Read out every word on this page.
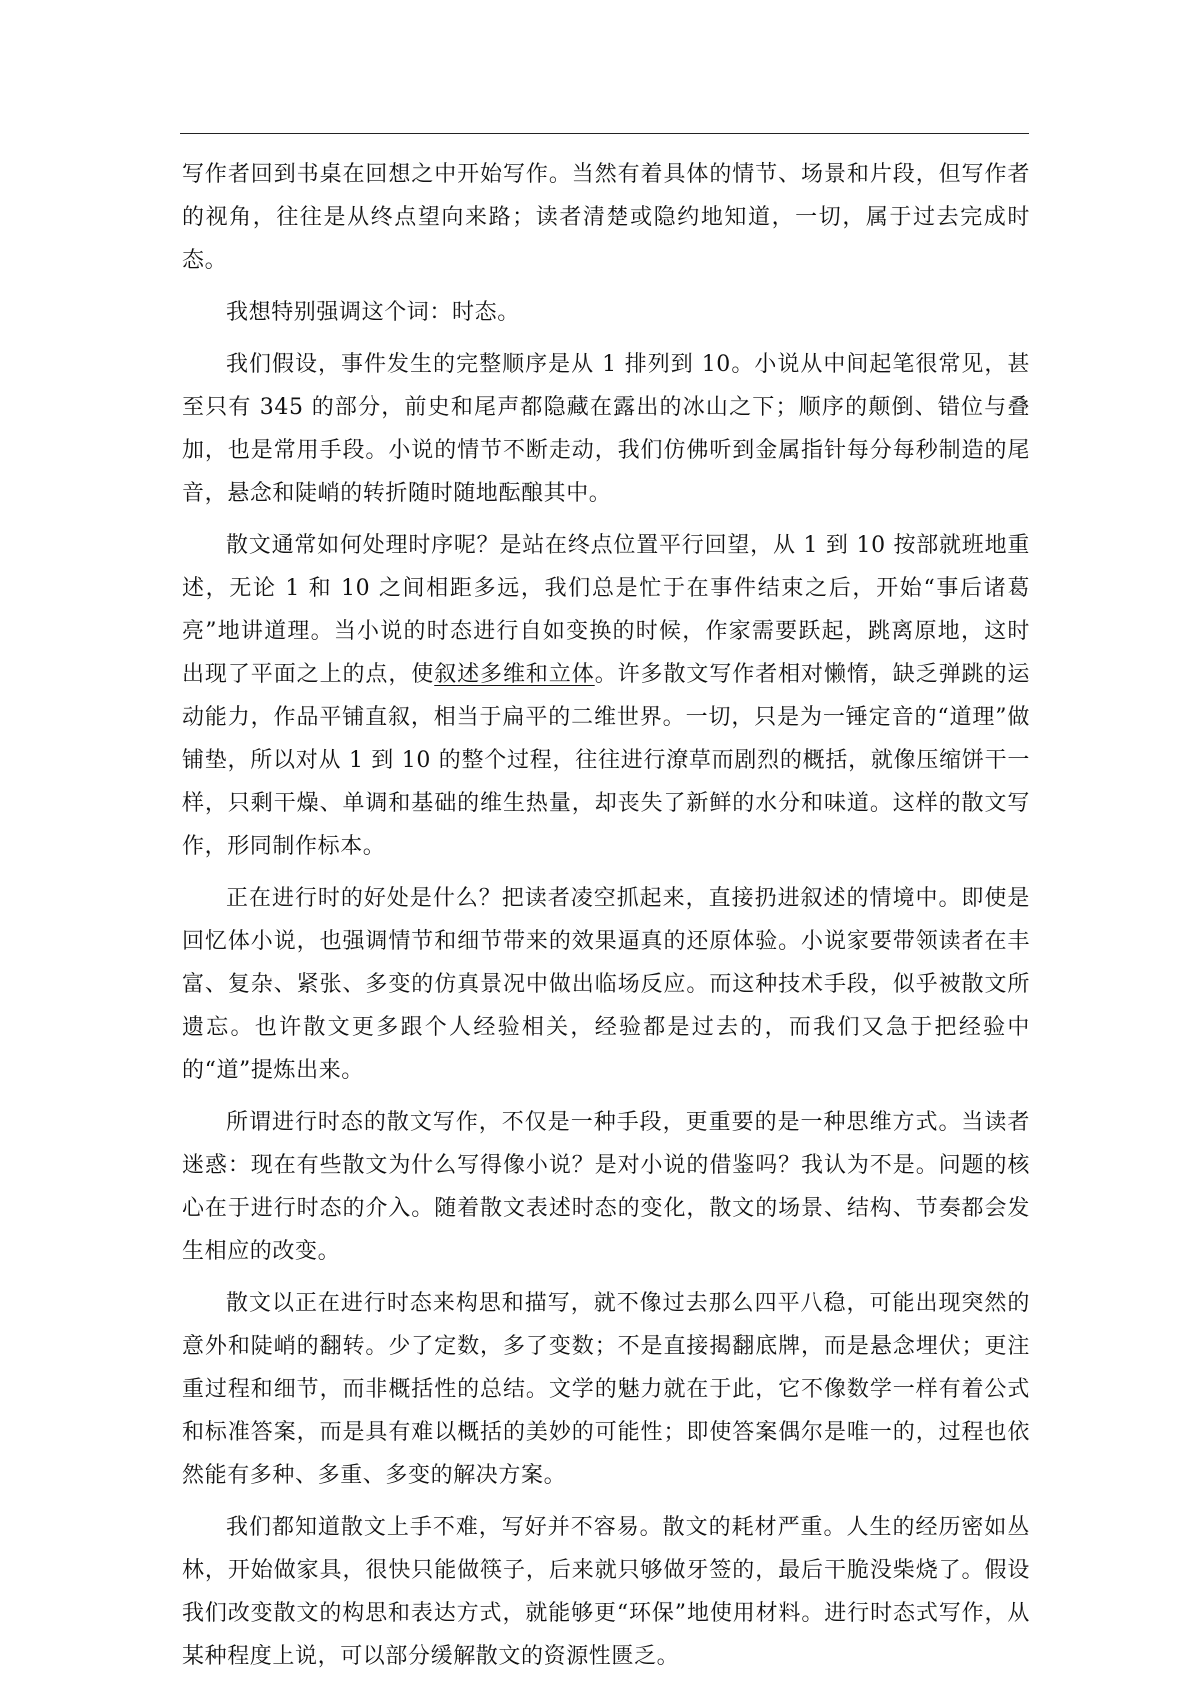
写作者回到书桌在回想之中开始写作。当然有着具体的情节、场景和片段，但写作者的视角，往往是从终点望向来路；读者清楚或隐约地知道，一切，属于过去完成时态。

我想特别强调这个词：时态。

我们假设，事件发生的完整顺序是从 1 排列到 10。小说从中间起笔很常见，甚至只有 345 的部分，前史和尾声都隐藏在露出的冰山之下；顺序的颠倒、错位与叠加，也是常用手段。小说的情节不断走动，我们仿佛听到金属指针每分每秒制造的尾音，悬念和陡峭的转折随时随地酝酿其中。

散文通常如何处理时序呢？是站在终点位置平行回望，从 1 到 10 按部就班地重述，无论 1 和 10 之间相距多远，我们总是忙于在事件结束之后，开始“事后诸葛亮”地讲道理。当小说的时态进行自如变换的时候，作家需要跃起，跳离原地，这时出现了平面之上的点，使叙述多维和立体。许多散文写作者相对懒惰，缺乏弹跳的运动能力，作品平铺直叙，相当于扁平的二维世界。一切，只是为一锤定音的“道理”做铺垫，所以对从 1 到 10 的整个过程，往往进行潦草而剧烈的概括，就像压缩饼干一样，只剩干燥、单调和基础的维生热量，却丧失了新鲜的水分和味道。这样的散文写作，形同制作标本。

正在进行时的好处是什么？把读者凌空抓起来，直接扔进叙述的情境中。即使是回忆体小说，也强调情节和细节带来的效果逼真的还原体验。小说家要带领读者在丰富、复杂、紧张、多变的仿真景况中做出临场反应。而这种技术手段，似乎被散文所遗忘。也许散文更多跟个人经验相关，经验都是过去的，而我们又急于把经验中的“道”提炼出来。

所谓进行时态的散文写作，不仅是一种手段，更重要的是一种思维方式。当读者迷惑：现在有些散文为什么写得像小说？是对小说的借鉴吗？我认为不是。问题的核心在于进行时态的介入。随着散文表述时态的变化，散文的场景、结构、节奏都会发生相应的改变。

散文以正在进行时态来构思和描写，就不像过去那么四平八稳，可能出现突然的意外和陡峭的翻转。少了定数，多了变数；不是直接揭翻底牌，而是悬念埋伏；更注重过程和细节，而非概括性的总结。文学的魅力就在于此，它不像数学一样有着公式和标准答案，而是具有难以概括的美妙的可能性；即使答案偶尔是唯一的，过程也依然能有多种、多重、多变的解决方案。

我们都知道散文上手不难，写好并不容易。散文的耗材严重。人生的经历密如丛林，开始做家具，很快只能做筷子，后来就只够做牙签的，最后干脆没柴烧了。假设我们改变散文的构思和表达方式，就能够更“环保”地使用材料。进行时态式写作，从某种程度上说，可以部分缓解散文的资源性匮乏。
